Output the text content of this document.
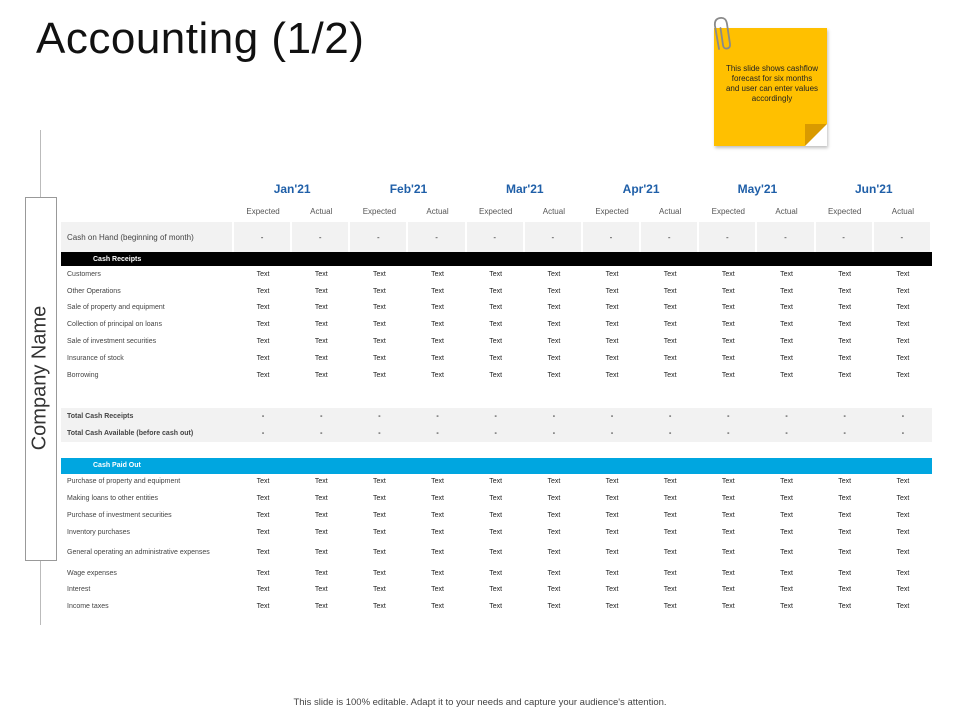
Accounting (1/2)
Company Name
This slide shows cashflow forecast for six months and user can enter values accordingly
	Jan'21		Feb'21		Mar'21		Apr'21		May'21		Jun'21	
	Expected	Actual	Expected	Actual	Expected	Actual	Expected	Actual	Expected	Actual	Expected	Actual
Cash on Hand (beginning of month)	-	-	-	-	-	-	-	-	-	-	-	-
Cash Receipts												
Customers	Text	Text	Text	Text	Text	Text	Text	Text	Text	Text	Text	Text
Other Operations	Text	Text	Text	Text	Text	Text	Text	Text	Text	Text	Text	Text
Sale of property and equipment	Text	Text	Text	Text	Text	Text	Text	Text	Text	Text	Text	Text
Collection of principal on loans	Text	Text	Text	Text	Text	Text	Text	Text	Text	Text	Text	Text
Sale of investment securities	Text	Text	Text	Text	Text	Text	Text	Text	Text	Text	Text	Text
Insurance of stock	Text	Text	Text	Text	Text	Text	Text	Text	Text	Text	Text	Text
Borrowing	Text	Text	Text	Text	Text	Text	Text	Text	Text	Text	Text	Text

Total Cash Receipts	-	-	-	-	-	-	-	-	-	-	-	-
Total Cash Available (before cash out)	-	-	-	-	-	-	-	-	-	-	-	-

Cash Paid Out												
Purchase of property and equipment	Text	Text	Text	Text	Text	Text	Text	Text	Text	Text	Text	Text
Making loans to other entities	Text	Text	Text	Text	Text	Text	Text	Text	Text	Text	Text	Text
Purchase of investment securities	Text	Text	Text	Text	Text	Text	Text	Text	Text	Text	Text	Text
Inventory purchases	Text	Text	Text	Text	Text	Text	Text	Text	Text	Text	Text	Text
General operating an administrative expenses	Text	Text	Text	Text	Text	Text	Text	Text	Text	Text	Text	Text
Wage expenses	Text	Text	Text	Text	Text	Text	Text	Text	Text	Text	Text	Text
Interest	Text	Text	Text	Text	Text	Text	Text	Text	Text	Text	Text	Text
Income taxes	Text	Text	Text	Text	Text	Text	Text	Text	Text	Text	Text	Text
This slide is 100% editable. Adapt it to your needs and capture your audience's attention.
